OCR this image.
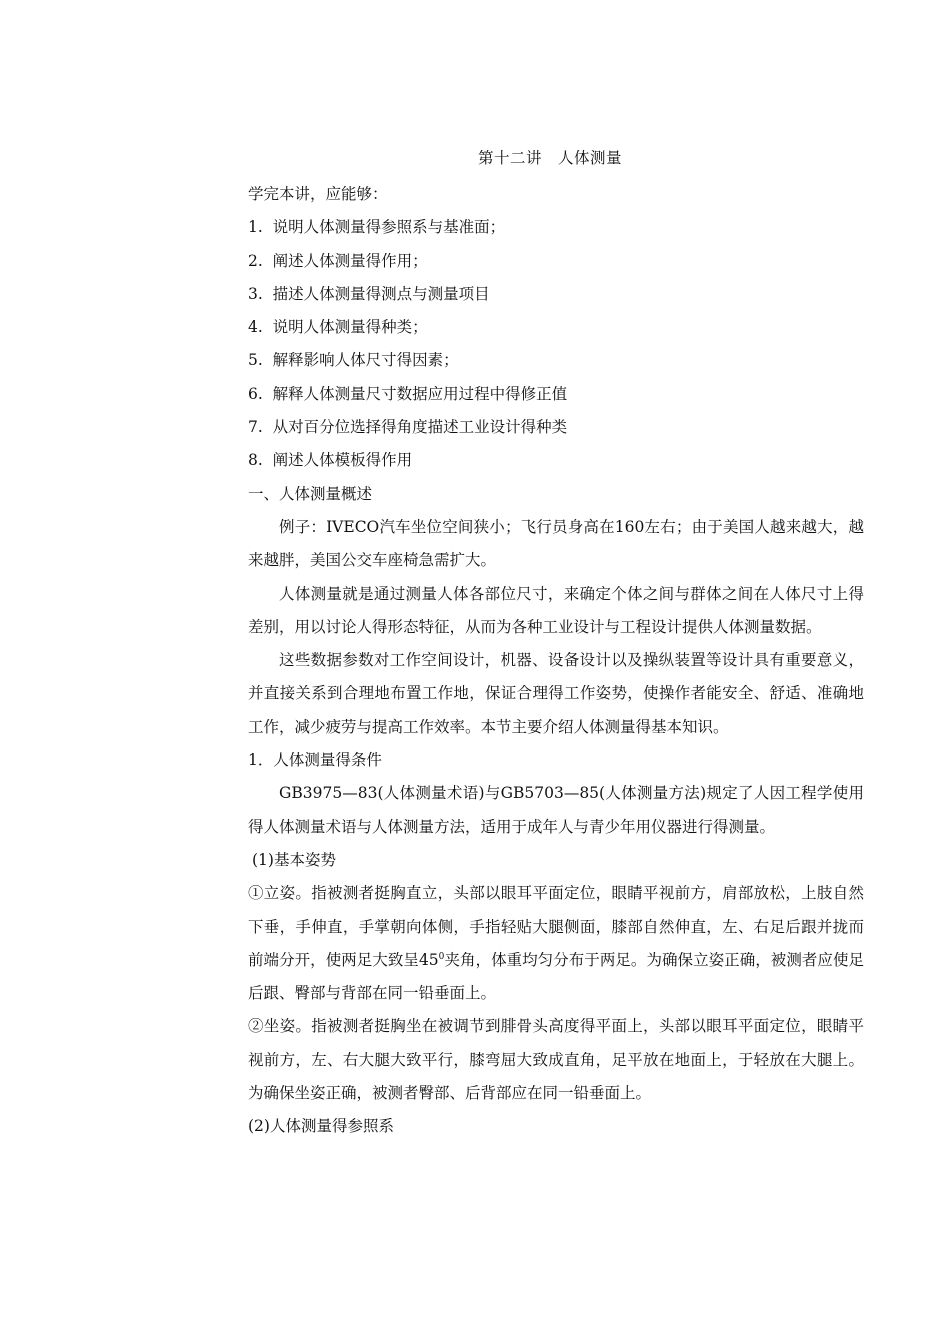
第十二讲　人体测量

学完本讲，应能够：

1.  说明人体测量得参照系与基准面；

2.  阐述人体测量得作用；

3.  描述人体测量得测点与测量项目

4.  说明人体测量得种类；

5.  解释影响人体尺寸得因素；

6.  解释人体测量尺寸数据应用过程中得修正值

7.  从对百分位选择得角度描述工业设计得种类

8.  阐述人体模板得作用

一、人体测量概述

例子：IVECO汽车坐位空间狭小；飞行员身高在160左右；由于美国人越来越大，越来越胖，美国公交车座椅急需扩大。

人体测量就是通过测量人体各部位尺寸，来确定个体之间与群体之间在人体尺寸上得差别，用以讨论人得形态特征，从而为各种工业设计与工程设计提供人体测量数据。

这些数据参数对工作空间设计，机器、设备设计以及操纵装置等设计具有重要意义，并直接关系到合理地布置工作地，保证合理得工作姿势，使操作者能安全、舒适、准确地工作，减少疲劳与提高工作效率。本节主要介绍人体测量得基本知识。

1．人体测量得条件

GB3975—83(人体测量术语)与GB5703—85(人体测量方法)规定了人因工程学使用得人体测量术语与人体测量方法，适用于成年人与青少年用仪器进行得测量。

(1)基本姿势

①立姿。指被测者挺胸直立，头部以眼耳平面定位，眼睛平视前方，肩部放松，上肢自然下垂，手伸直，手掌朝向体侧，手指轻贴大腿侧面，膝部自然伸直，左、右足后跟并拢而前端分开，使两足大致呈$45^0$夹角，体重均匀分布于两足。为确保立姿正确，被测者应使足后跟、臀部与背部在同一铅垂面上。

②坐姿。指被测者挺胸坐在被调节到腓骨头高度得平面上，头部以眼耳平面定位，眼睛平视前方，左、右大腿大致平行，膝弯屈大致成直角，足平放在地面上，于轻放在大腿上。为确保坐姿正确，被测者臀部、后背部应在同一铅垂面上。

(2)人体测量得参照系
